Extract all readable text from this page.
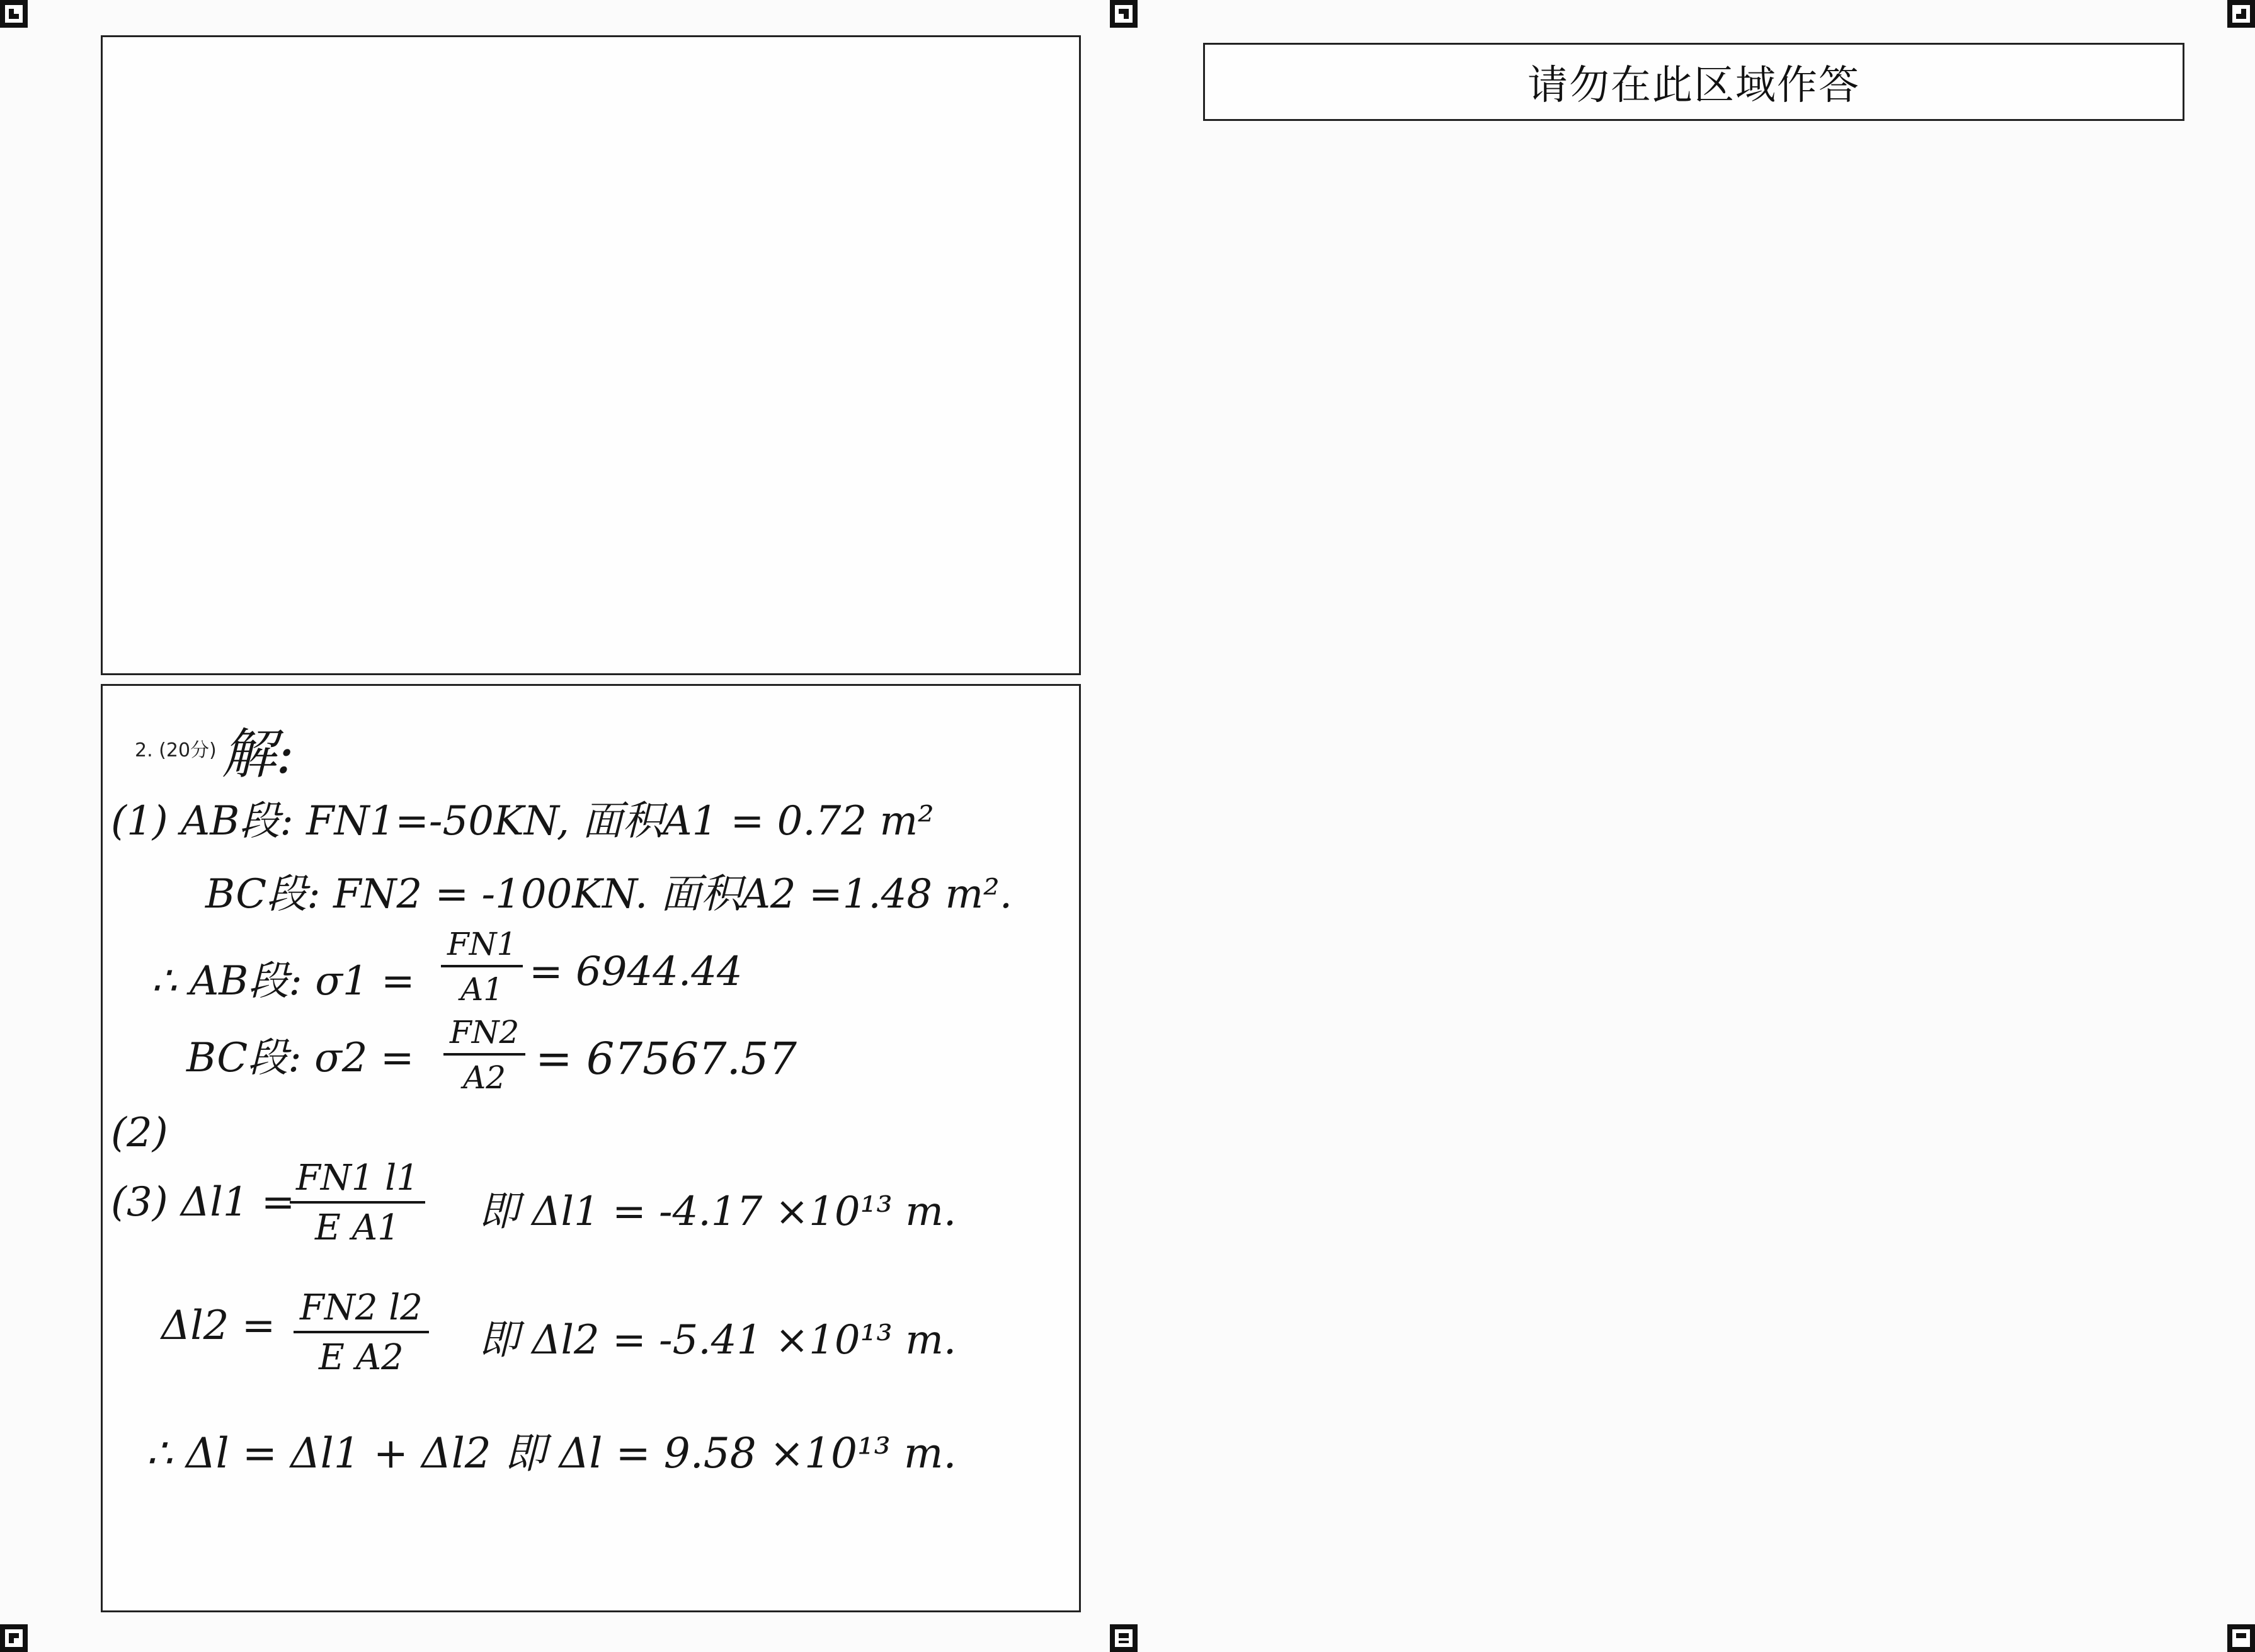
2. (20分) 解:
(1) AB段: FN1=-50KN, 面积A1 = 0.72 m²
BC段: FN2 = -100KN. 面积A2 =1.48 m².
∴ AB段: $\sigma 1 = \frac{FN1}{A1} = 6944.44$
BC段: $\sigma 2 = \frac{FN2}{A2} = 67567.57$
(2)
(3) Δl1 =
$\frac{FN1 l1}{\text{E A1}}$ 即 Δl1 = -4.17 ×10¹³ m.
$\Delta l2 = \frac{FN2 l2}{\text{E A2}}$ 即 Δl2 = -5.41 ×10¹³ m.
∴ Δl = Δl1 + Δl2 即 Δl = 9.58 ×10¹³ m.
请勿在此区域作答
